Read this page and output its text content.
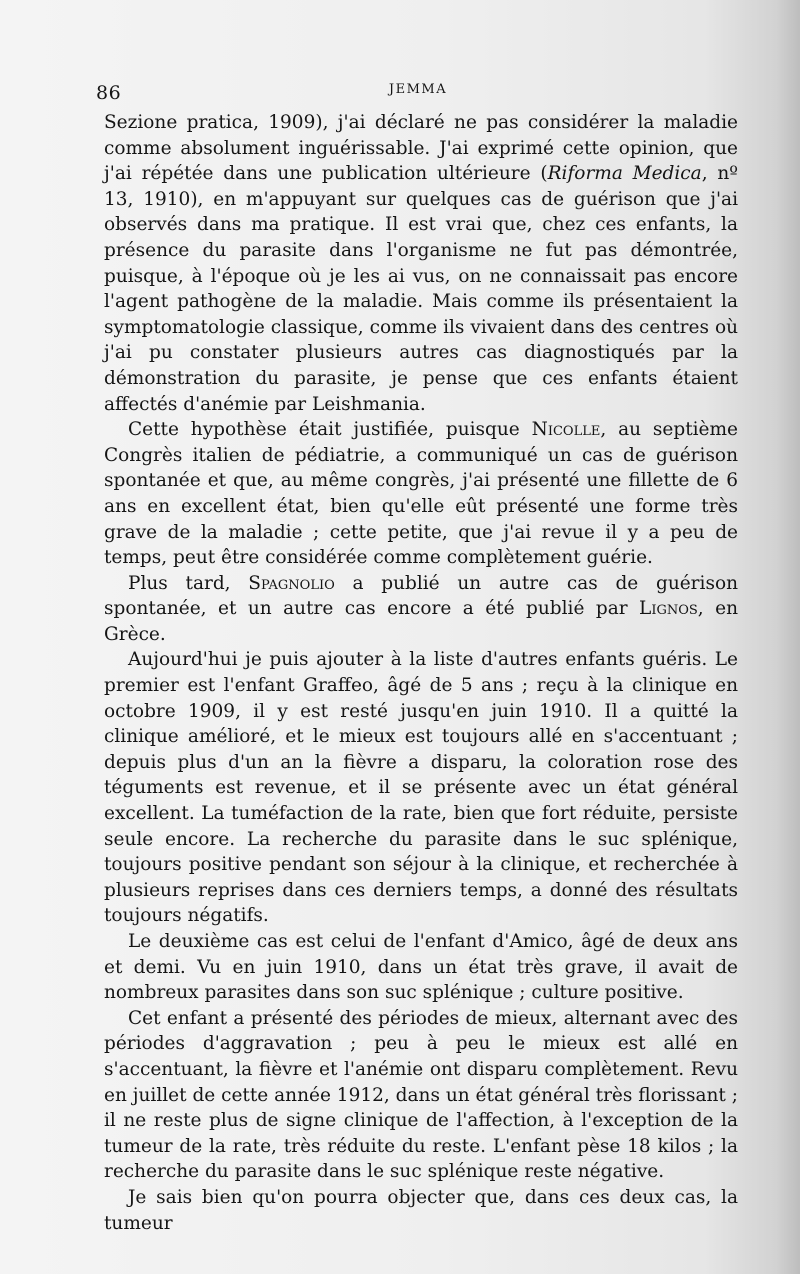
86	JEMMA

Sezione pratica, 1909), j'ai déclaré ne pas considérer la maladie comme absolument inguérissable. J'ai exprimé cette opinion, que j'ai répétée dans une publication ultérieure (Riforma Medica, nº 13, 1910), en m'appuyant sur quelques cas de guérison que j'ai observés dans ma pratique. Il est vrai que, chez ces enfants, la présence du parasite dans l'organisme ne fut pas démontrée, puisque, à l'époque où je les ai vus, on ne connaissait pas encore l'agent pathogène de la maladie. Mais comme ils présentaient la symptomatologie classique, comme ils vivaient dans des centres où j'ai pu constater plusieurs autres cas diagnostiqués par la démonstration du parasite, je pense que ces enfants étaient affectés d'anémie par Leishmania.

Cette hypothèse était justifiée, puisque Nicolle, au septième Congrès italien de pédiatrie, a communiqué un cas de guérison spontanée et que, au même congrès, j'ai présenté une fillette de 6 ans en excellent état, bien qu'elle eût présenté une forme très grave de la maladie ; cette petite, que j'ai revue il y a peu de temps, peut être considérée comme complètement guérie.

Plus tard, Spagnolio a publié un autre cas de guérison spontanée, et un autre cas encore a été publié par Lignos, en Grèce.

Aujourd'hui je puis ajouter à la liste d'autres enfants guéris. Le premier est l'enfant Graffeo, âgé de 5 ans ; reçu à la clinique en octobre 1909, il y est resté jusqu'en juin 1910. Il a quitté la clinique amélioré, et le mieux est toujours allé en s'accentuant ; depuis plus d'un an la fièvre a disparu, la coloration rose des téguments est revenue, et il se présente avec un état général excellent. La tuméfaction de la rate, bien que fort réduite, persiste seule encore. La recherche du parasite dans le suc splénique, toujours positive pendant son séjour à la clinique, et recherchée à plusieurs reprises dans ces derniers temps, a donné des résultats toujours négatifs.

Le deuxième cas est celui de l'enfant d'Amico, âgé de deux ans et demi. Vu en juin 1910, dans un état très grave, il avait de nombreux parasites dans son suc splénique ; culture positive.

Cet enfant a présenté des périodes de mieux, alternant avec des périodes d'aggravation ; peu à peu le mieux est allé en s'accentuant, la fièvre et l'anémie ont disparu complètement. Revu en juillet de cette année 1912, dans un état général très florissant ; il ne reste plus de signe clinique de l'affection, à l'exception de la tumeur de la rate, très réduite du reste. L'enfant pèse 18 kilos ; la recherche du parasite dans le suc splénique reste négative.

Je sais bien qu'on pourra objecter que, dans ces deux cas, la tumeur
